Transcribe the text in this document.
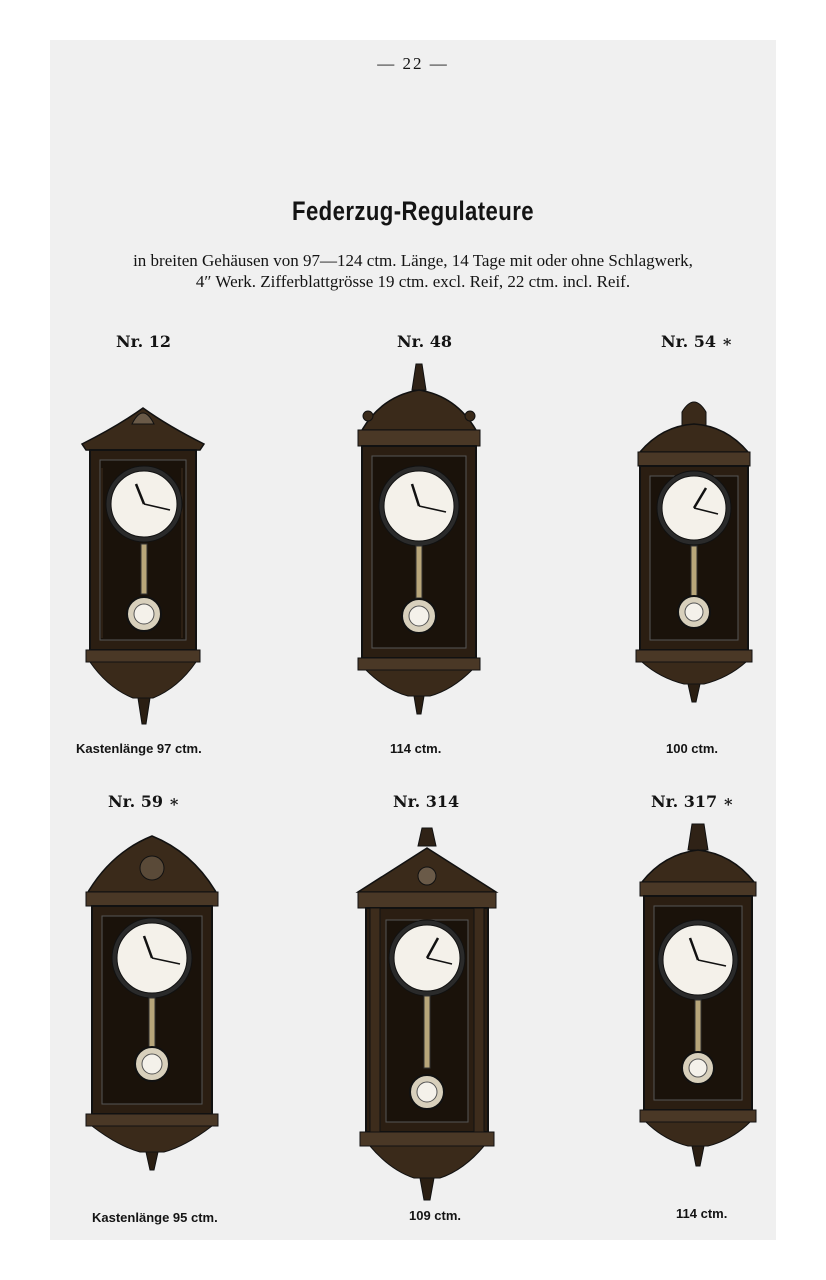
— 22 —
Federzug-Regulateure
in breiten Gehäusen von 97—124 ctm. Länge, 14 Tage mit oder ohne Schlagwerk,
4″ Werk. Zifferblattgrösse 19 ctm. excl. Reif, 22 ctm. incl. Reif.
Nr. 12	Nr. 48	Nr. 54 ∗
Nr. 59 ∗	Nr. 314	Nr. 317 ∗
Kastenlänge 97 ctm.	114 ctm.	100 ctm.
Kastenlänge 95 ctm.	109 ctm.	114 ctm.
